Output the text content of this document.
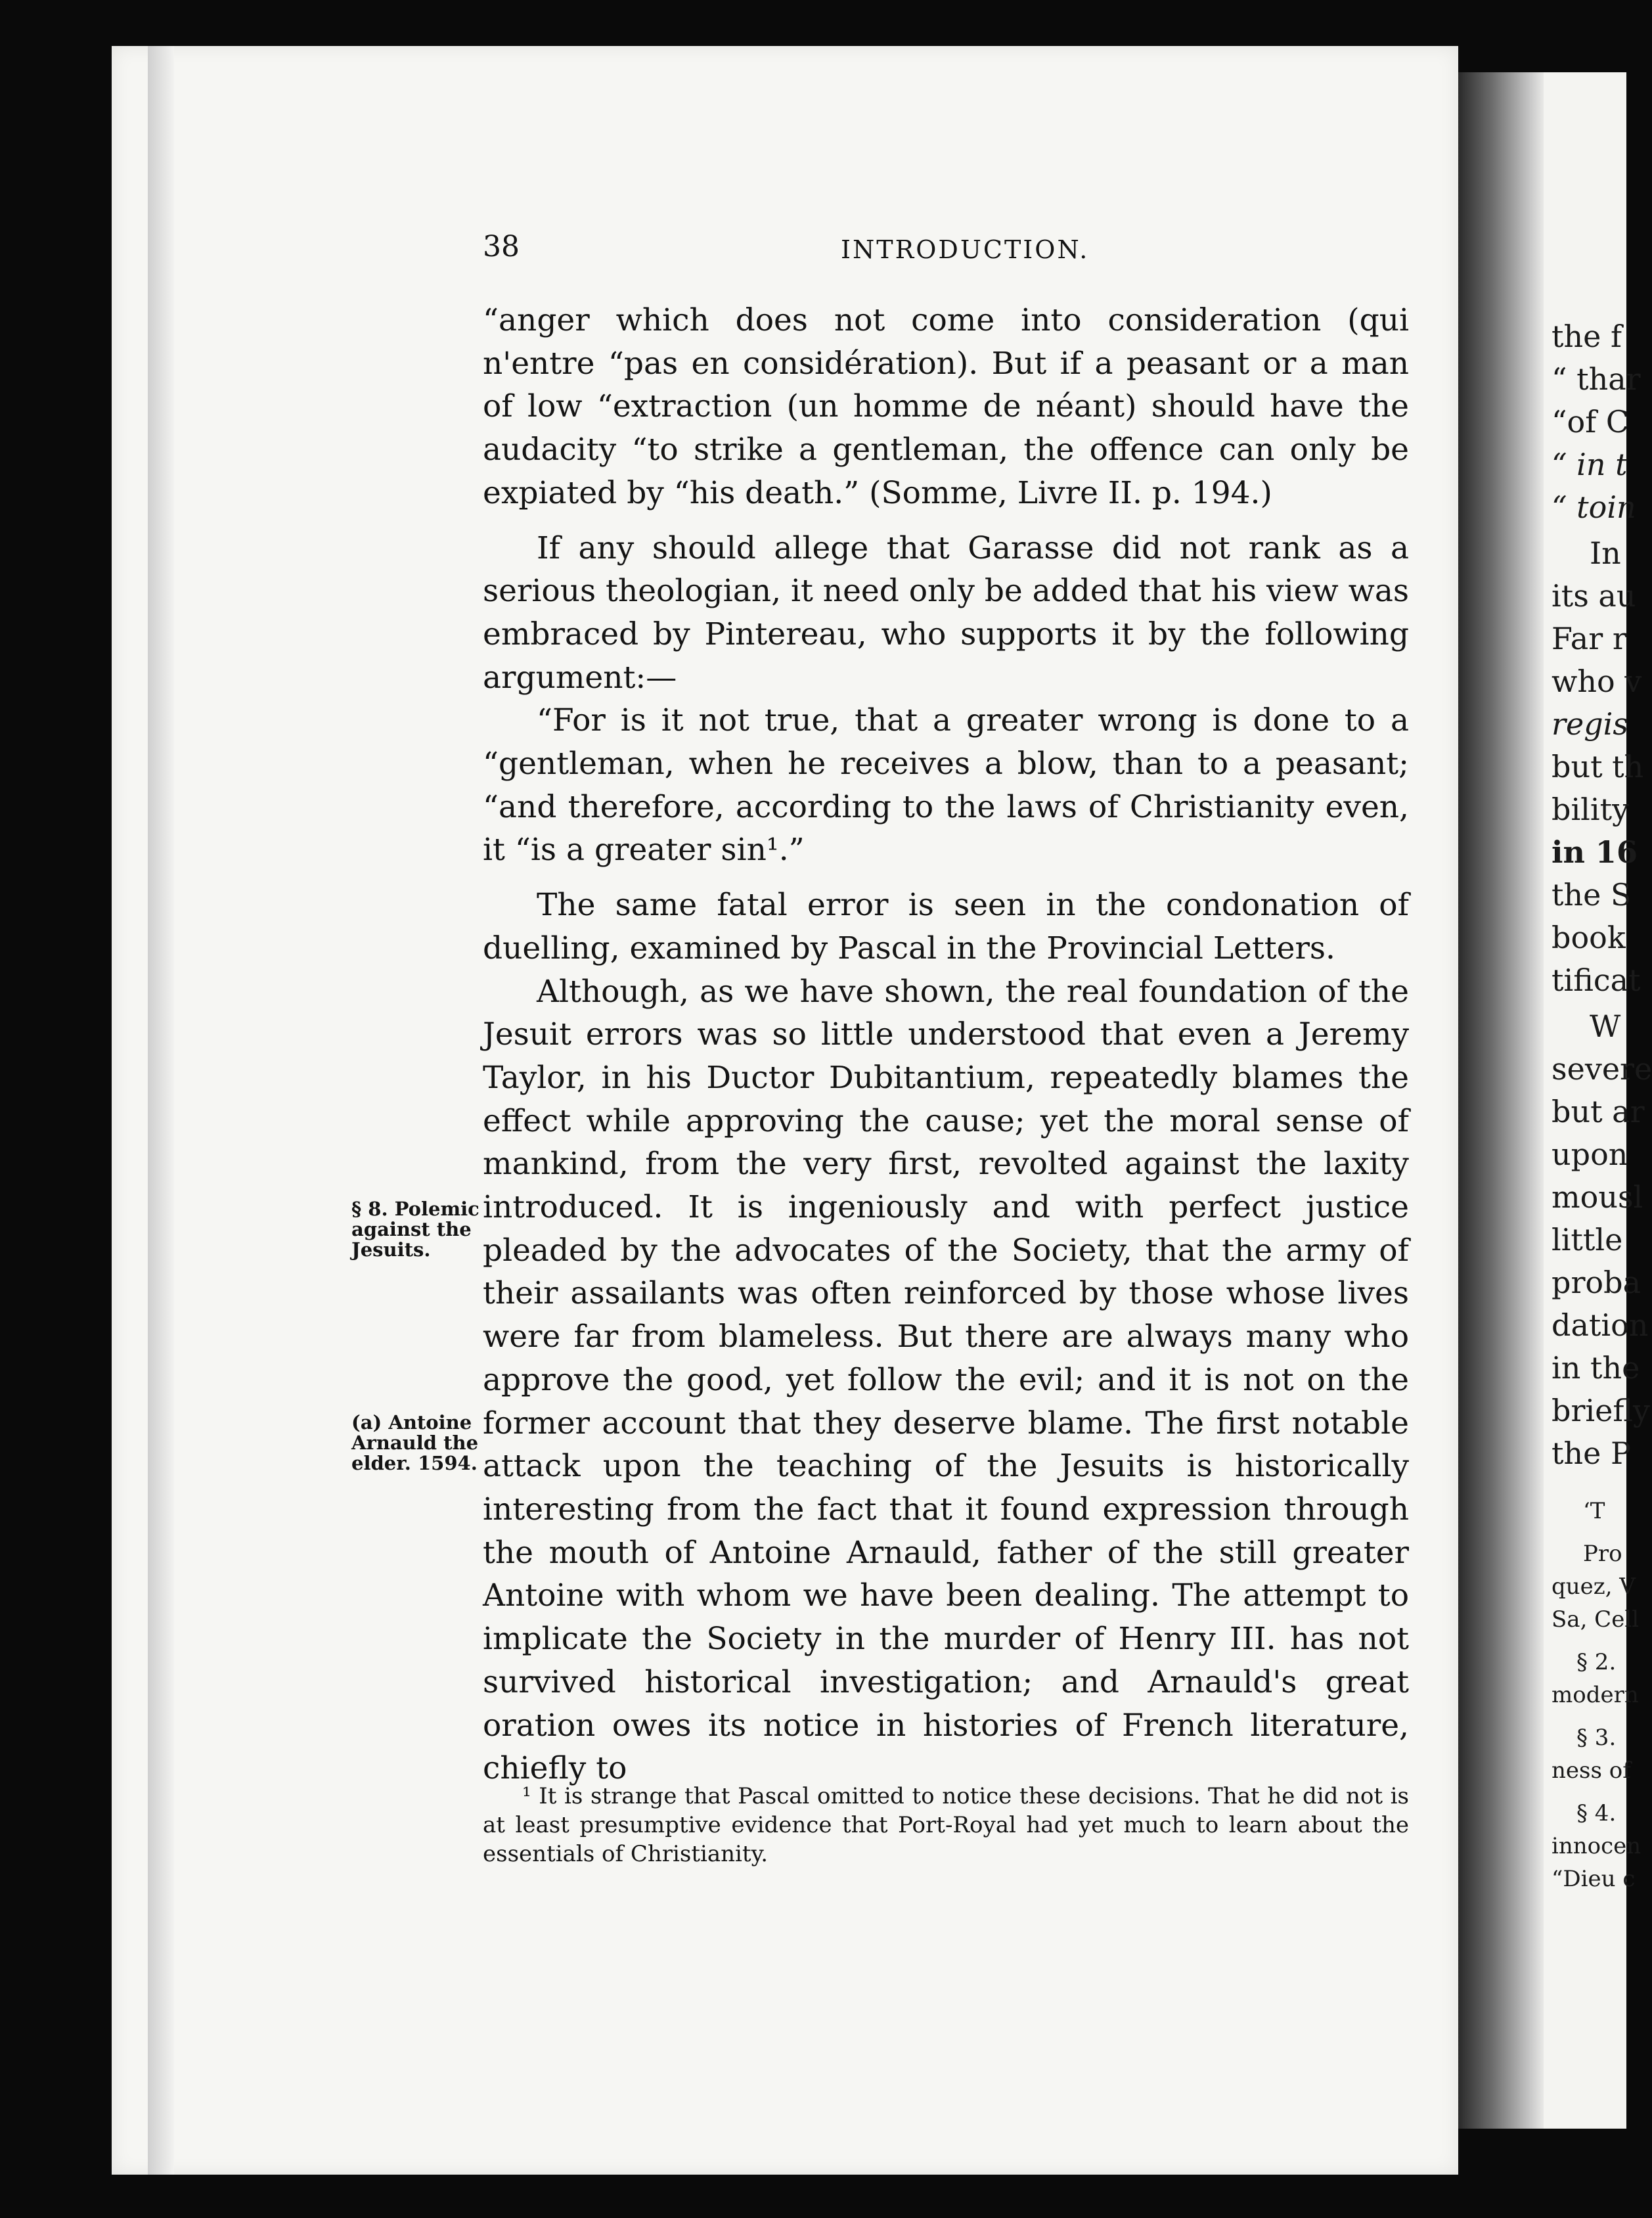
the f
“ thar
“of C
“ in t
“ toin
In
its au
Far r
who v
regis
but th
bility
in 16
the S
book
tificat
W
severe
but ar
upon
mousl
little
proba
dation
in the
briefly
the P
‘T
Pro
quez, V
Sa, Cell
§ 2.
modern
§ 3.
ness of
§ 4.
innocen
“Dieu c
38	INTRODUCTION.
§ 8. Polemic against the Jesuits.
(a) Antoine Arnauld the elder. 1594.

“anger which does not come into consideration (qui n'entre “pas en considération). But if a peasant or a man of low “extraction (un homme de néant) should have the audacity “to strike a gentleman, the offence can only be expiated by “his death.” (Somme, Livre II. p. 194.)

If any should allege that Garasse did not rank as a serious theologian, it need only be added that his view was embraced by Pintereau, who supports it by the following argument:—

“For is it not true, that a greater wrong is done to a “gentleman, when he receives a blow, than to a peasant; “and therefore, according to the laws of Christianity even, it “is a greater sin¹.”

The same fatal error is seen in the condonation of duelling, examined by Pascal in the Provincial Letters.

Although, as we have shown, the real foundation of the Jesuit errors was so little understood that even a Jeremy Taylor, in his Ductor Dubitantium, repeatedly blames the effect while approving the cause; yet the moral sense of mankind, from the very first, revolted against the laxity introduced. It is ingeniously and with perfect justice pleaded by the advocates of the Society, that the army of their assailants was often reinforced by those whose lives were far from blameless. But there are always many who approve the good, yet follow the evil; and it is not on the former account that they deserve blame. The first notable attack upon the teaching of the Jesuits is historically interesting from the fact that it found expression through the mouth of Antoine Arnauld, father of the still greater Antoine with whom we have been dealing. The attempt to implicate the Society in the murder of Henry III. has not survived historical investigation; and Arnauld's great oration owes its notice in histories of French literature, chiefly to

¹ It is strange that Pascal omitted to notice these decisions. That he did not is at least presumptive evidence that Port-Royal had yet much to learn about the essentials of Christianity.
